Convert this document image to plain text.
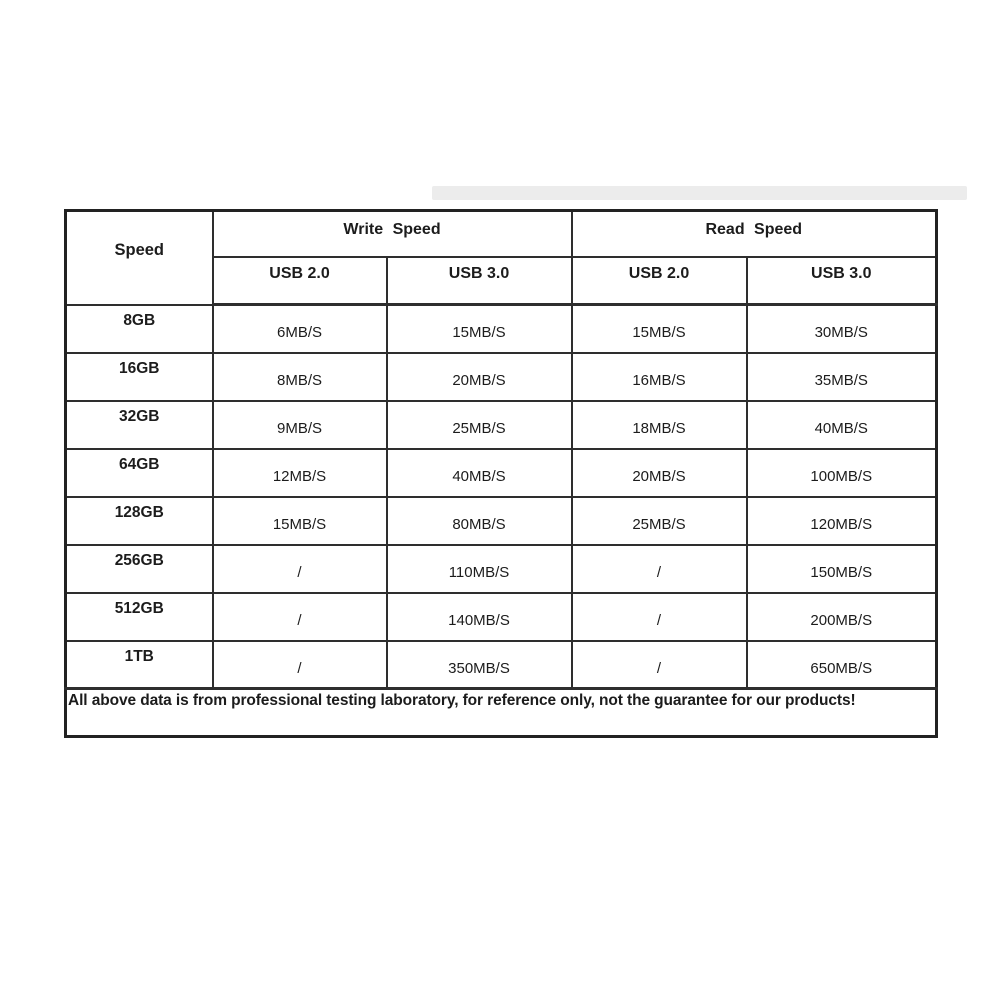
Speed	Write Speed		Read Speed	
	USB 2.0	USB 3.0	USB 2.0	USB 3.0
8GB	6MB/S	15MB/S	15MB/S	30MB/S
16GB	8MB/S	20MB/S	16MB/S	35MB/S
32GB	9MB/S	25MB/S	18MB/S	40MB/S
64GB	12MB/S	40MB/S	20MB/S	100MB/S
128GB	15MB/S	80MB/S	25MB/S	120MB/S
256GB	/	110MB/S	/	150MB/S
512GB	/	140MB/S	/	200MB/S
1TB	/	350MB/S	/	650MB/S
All above data is from professional testing laboratory, for reference only, not the guarantee for our products!				
